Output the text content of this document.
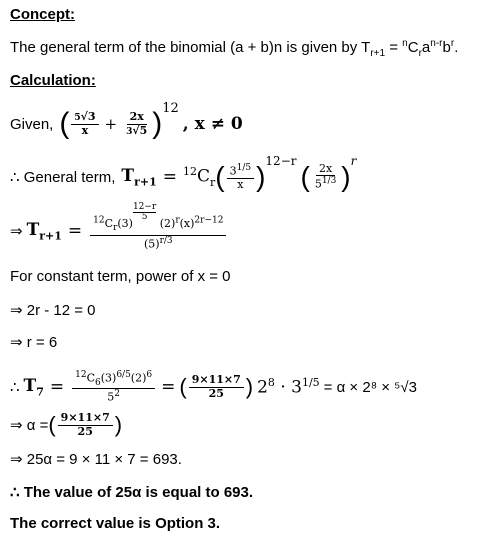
Concept:
The general term of the binomial (a + b)n is given by $T_{r+1} = ^nC_ra^{n-r}b^r$.
Calculation:
Given, ( $\frac{5√3}{x} + \frac{2x}{3√5}$ ) 12
, x ≠ 0
∴ General term, $T_{r+1} = ^{12}C_r$ ( $\frac{3^{1/5}}{x}$ ) 12−r ( $\frac{2x}{5^{1/3}}$ ) r
⇒ $T_{r+1} = ^{12}C_r(3)$
$\frac{12-r}{5}$
$(2)^r(x)^{2r-12}$
$(5)^{r/3}$
For constant term, power of x = 0
⇒ 2r - 12 = 0
⇒ r = 6
∴ $T_7 = \frac{^{12}C_6(3)^{6/5}(2)^6}{5^2}$ = ( $\frac{9\times 11\times 7}{25}$ ) $2^8 \cdot 3^{1/5} = \alpha \times 2^8 \times ^5√3$
⇒ α = ( $\frac{9\times 11\times 7}{25}$ )
⇒ 25α = 9 × 11 × 7 = 693.
∴ The value of 25α is equal to 693.
The correct value is Option 3.
